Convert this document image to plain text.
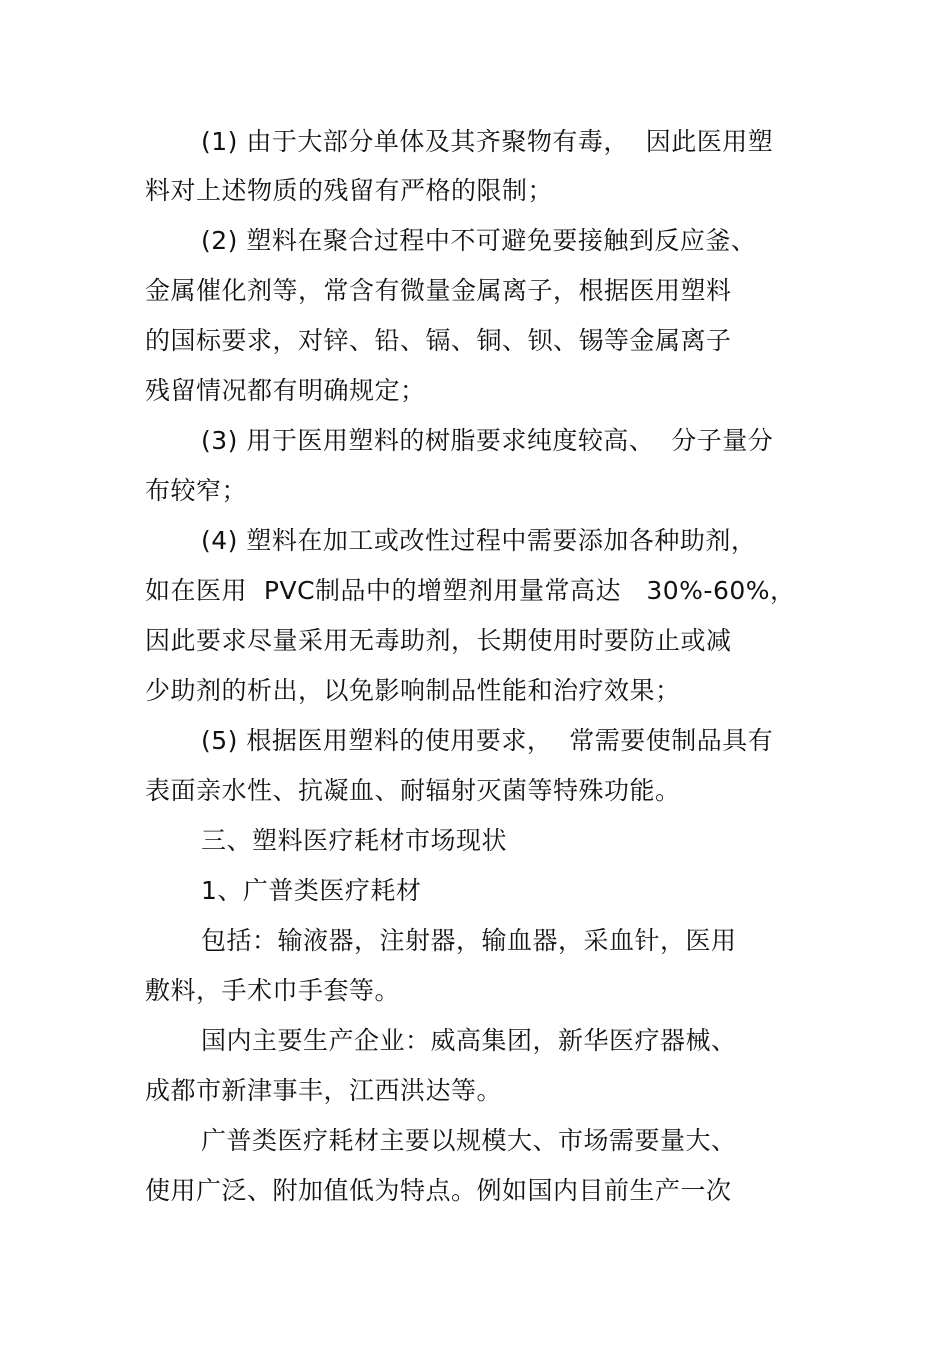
(1) 由于大部分单体及其齐聚物有毒，  因此医用塑
料对上述物质的残留有严格的限制；
(2) 塑料在聚合过程中不可避免要接触到反应釜、
金属催化剂等，常含有微量金属离子，根据医用塑料
的国标要求，对锌、铅、镉、铜、钡、锡等金属离子
残留情况都有明确规定；
(3) 用于医用塑料的树脂要求纯度较高、  分子量分
布较窄；
(4) 塑料在加工或改性过程中需要添加各种助剂，
如在医用  PVC制品中的增塑剂用量常高达   30%-60%，
因此要求尽量采用无毒助剂，长期使用时要防止或减
少助剂的析出，以免影响制品性能和治疗效果；
(5) 根据医用塑料的使用要求，  常需要使制品具有
表面亲水性、抗凝血、耐辐射灭菌等特殊功能。
三、塑料医疗耗材市场现状
1、广普类医疗耗材
包括：输液器，注射器，输血器，采血针，医用
敷料，手术巾手套等。
国内主要生产企业：威高集团，新华医疗器械、
成都市新津事丰，江西洪达等。
广普类医疗耗材主要以规模大、市场需要量大、
使用广泛、附加值低为特点。例如国内目前生产一次
